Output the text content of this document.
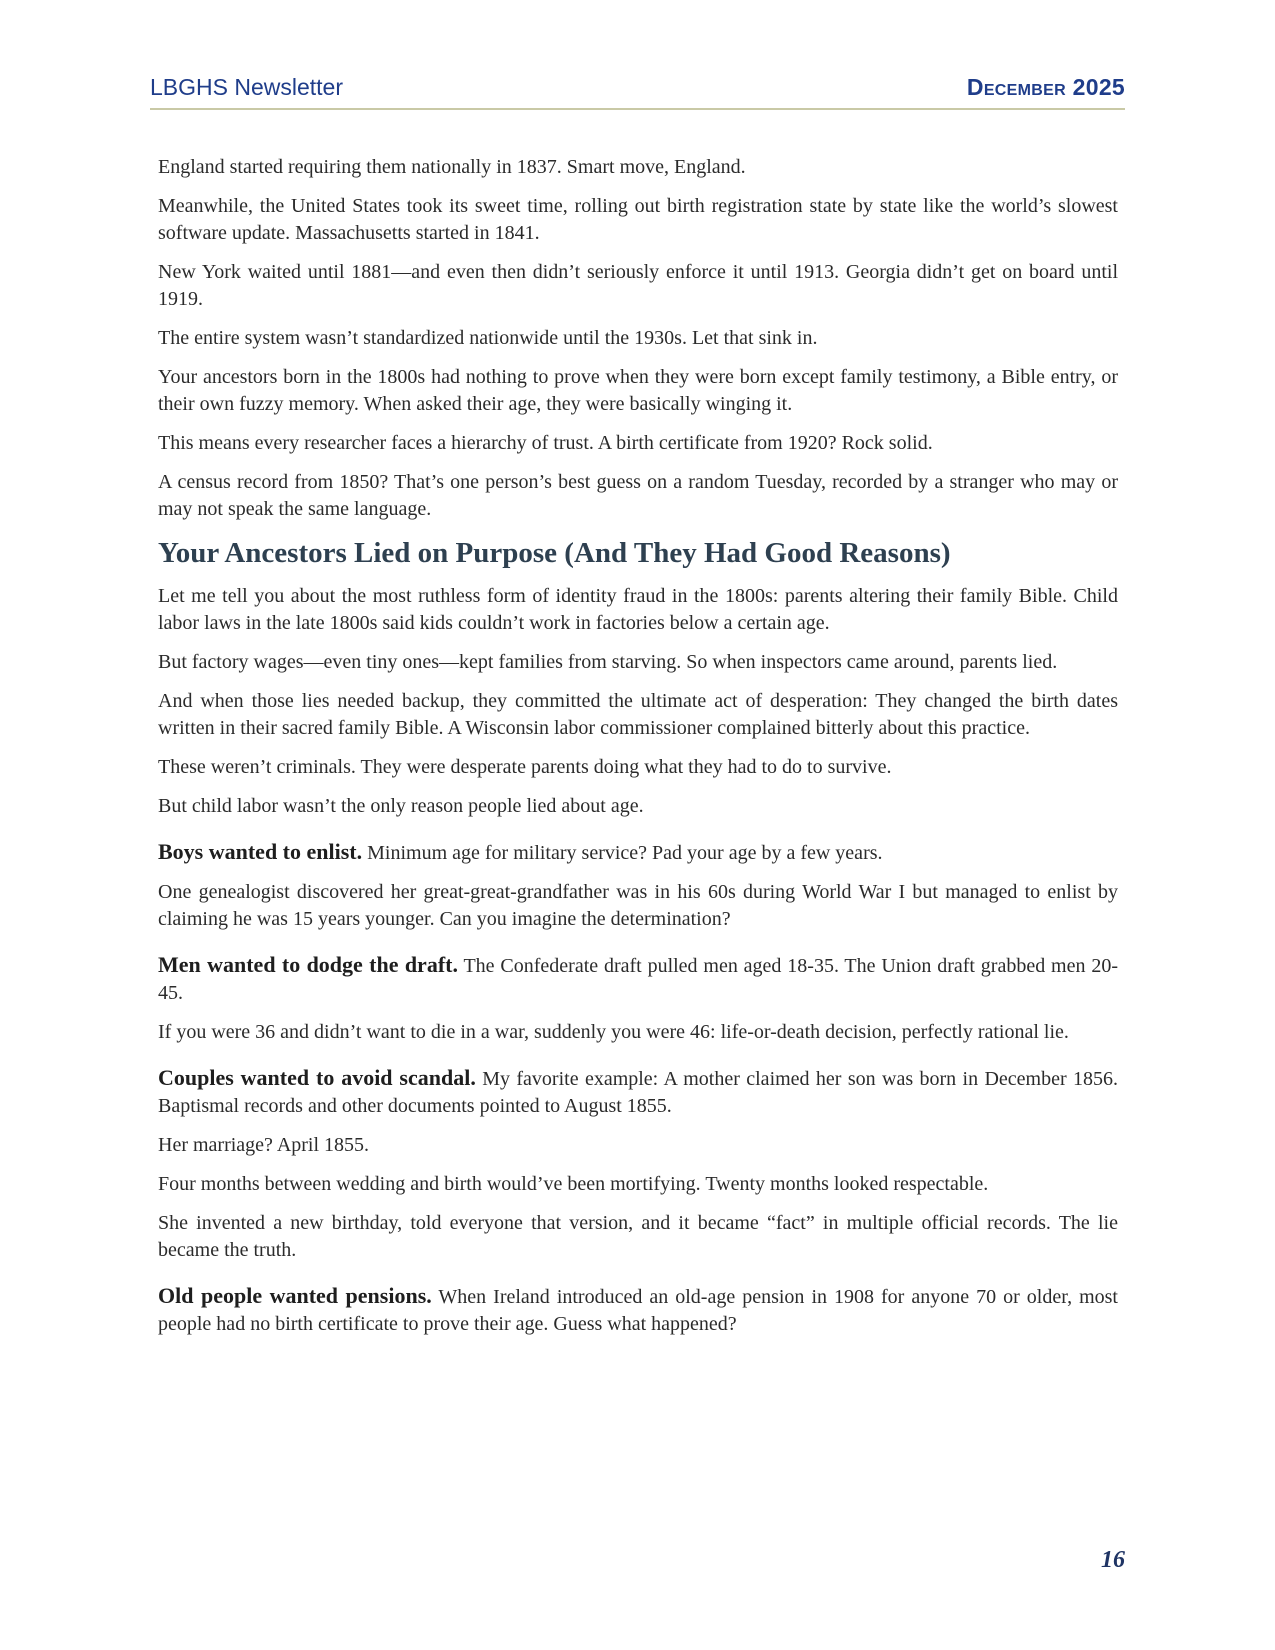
LBGHS Newsletter	December 2025

England started requiring them nationally in 1837. Smart move, England.

Meanwhile, the United States took its sweet time, rolling out birth registration state by state like the world’s slowest software update. Massachusetts started in 1841.

New York waited until 1881—and even then didn’t seriously enforce it until 1913. Georgia didn’t get on board until 1919.

The entire system wasn’t standardized nationwide until the 1930s. Let that sink in.

Your ancestors born in the 1800s had nothing to prove when they were born except family testimony, a Bible entry, or their own fuzzy memory. When asked their age, they were basically winging it.

This means every researcher faces a hierarchy of trust. A birth certificate from 1920? Rock solid.

A census record from 1850? That’s one person’s best guess on a random Tuesday, recorded by a stranger who may or may not speak the same language.

Your Ancestors Lied on Purpose (And They Had Good Reasons)

Let me tell you about the most ruthless form of identity fraud in the 1800s: parents altering their family Bible. Child labor laws in the late 1800s said kids couldn’t work in factories below a certain age.

But factory wages—even tiny ones—kept families from starving. So when inspectors came around, parents lied.

And when those lies needed backup, they committed the ultimate act of desperation: They changed the birth dates written in their sacred family Bible. A Wisconsin labor commissioner complained bitterly about this practice.

These weren’t criminals. They were desperate parents doing what they had to do to survive.

But child labor wasn’t the only reason people lied about age.

Boys wanted to enlist. Minimum age for military service? Pad your age by a few years.

One genealogist discovered her great-great-grandfather was in his 60s during World War I but managed to enlist by claiming he was 15 years younger. Can you imagine the determination?

Men wanted to dodge the draft. The Confederate draft pulled men aged 18-35. The Union draft grabbed men 20-45.

If you were 36 and didn’t want to die in a war, suddenly you were 46: life-or-death decision, perfectly rational lie.

Couples wanted to avoid scandal. My favorite example: A mother claimed her son was born in December 1856. Baptismal records and other documents pointed to August 1855.

Her marriage? April 1855.

Four months between wedding and birth would’ve been mortifying. Twenty months looked respectable.

She invented a new birthday, told everyone that version, and it became “fact” in multiple official records. The lie became the truth.

Old people wanted pensions. When Ireland introduced an old-age pension in 1908 for anyone 70 or older, most people had no birth certificate to prove their age. Guess what happened?

16
